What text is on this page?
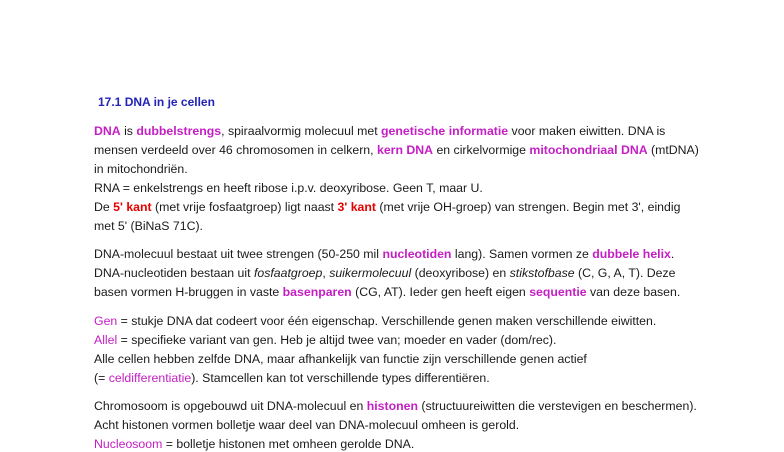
17.1 DNA in je cellen
DNA is dubbelstrengs, spiraalvormig molecuul met genetische informatie voor maken eiwitten. DNA is
mensen verdeeld over 46 chromosomen in celkern, kern DNA en cirkelvormige mitochondriaal DNA (mtDNA)
in mitochondriën.
RNA = enkelstrengs en heeft ribose i.p.v. deoxyribose. Geen T, maar U.
De 5' kant (met vrije fosfaatgroep) ligt naast 3' kant (met vrije OH-groep) van strengen. Begin met 3', eindig
met 5' (BiNaS 71C).
DNA-molecuul bestaat uit twee strengen (50-250 mil nucleotiden lang). Samen vormen ze dubbele helix.
DNA-nucleotiden bestaan uit fosfaatgroep, suikermolecuul (deoxyribose) en stikstofbase (C, G, A, T). Deze
basen vormen H-bruggen in vaste basenparen (CG, AT). Ieder gen heeft eigen sequentie van deze basen.
Gen = stukje DNA dat codeert voor één eigenschap. Verschillende genen maken verschillende eiwitten.
Allel = specifieke variant van gen. Heb je altijd twee van; moeder en vader (dom/rec).
Alle cellen hebben zelfde DNA, maar afhankelijk van functie zijn verschillende genen actief
(= celdifferentiatie). Stamcellen kan tot verschillende types differentiëren.
Chromosoom is opgebouwd uit DNA-molecuul en histonen (structuureiwitten die verstevigen en beschermen).
Acht histonen vormen bolletje waar deel van DNA-molecuul omheen is gerold.
Nucleosoom = bolletje histonen met omheen gerolde DNA.
